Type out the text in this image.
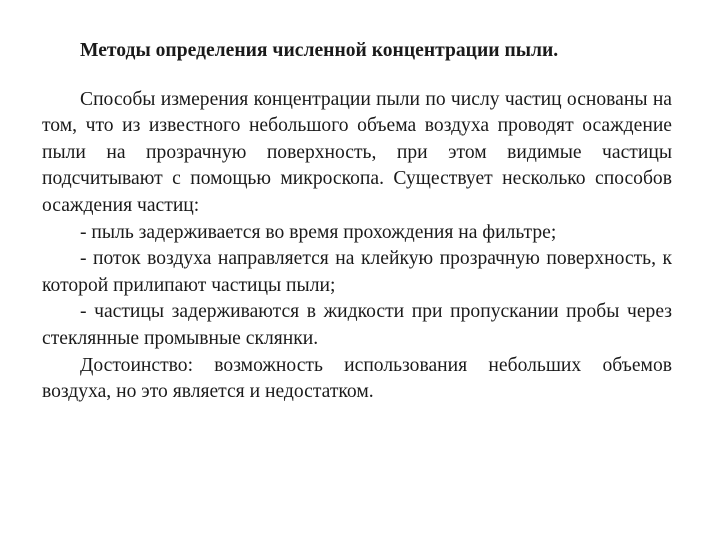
Методы определения численной концентрации пыли.

Способы измерения концентрации пыли по числу частиц основаны на том, что из известного небольшого объема воздуха проводят осаждение пыли на прозрачную поверхность, при этом видимые частицы подсчитывают с помощью микроскопа. Существует несколько способов осаждения частиц:

- пыль задерживается во время прохождения на фильтре;

- поток воздуха направляется на клейкую прозрачную поверхность, к которой прилипают частицы пыли;

- частицы задерживаются в жидкости при пропускании пробы через стеклянные промывные склянки.

Достоинство: возможность использования небольших объемов воздуха, но это является и недостатком.
